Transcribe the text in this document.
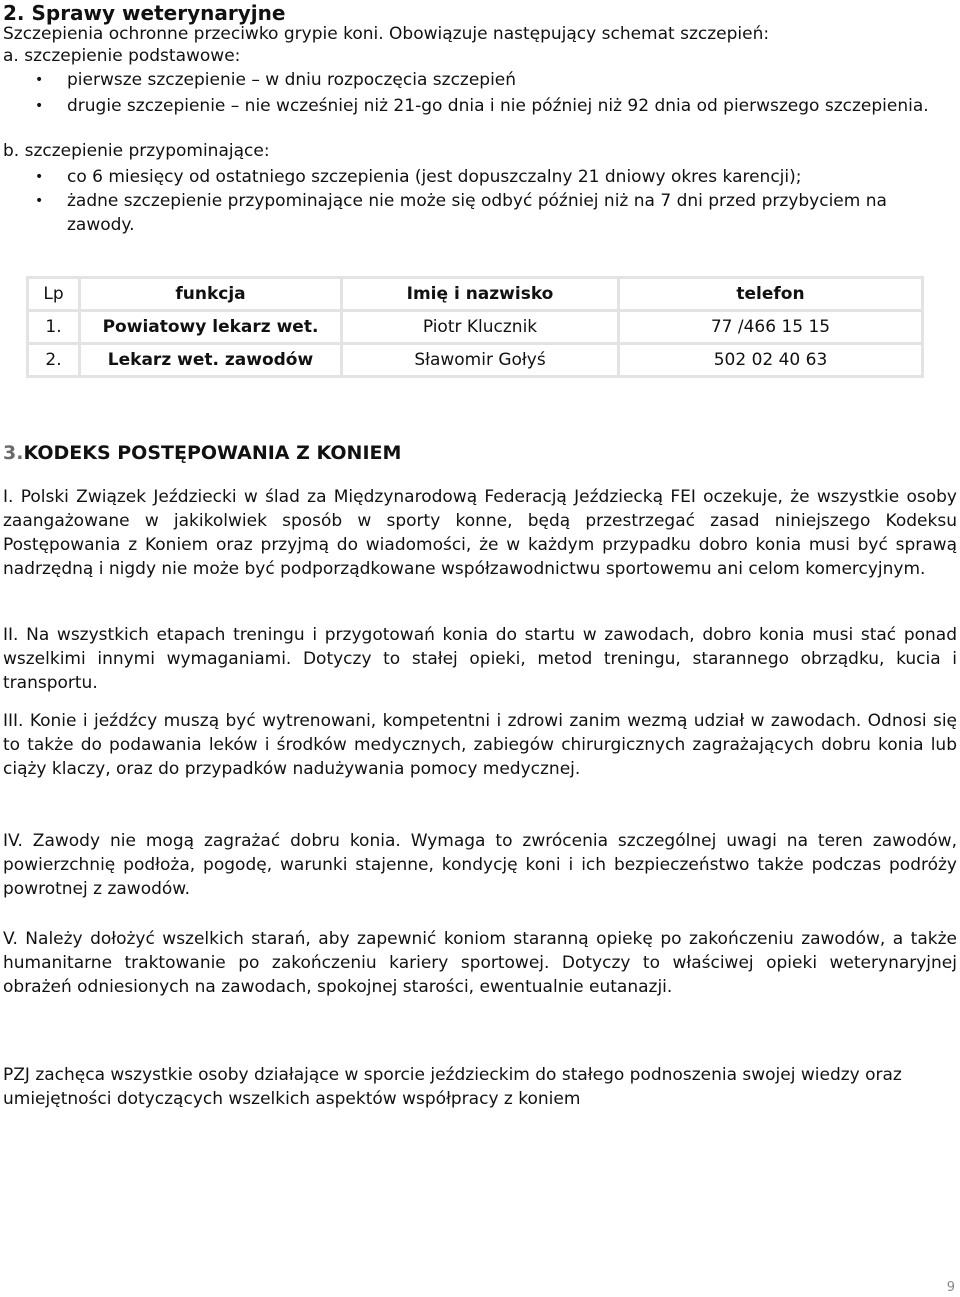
2. Sprawy weterynaryjne
Szczepienia ochronne przeciwko grypie koni. Obowiązuje następujący schemat szczepień:
a. szczepienie podstawowe:
• pierwsze szczepienie – w dniu rozpoczęcia szczepień
• drugie szczepienie – nie wcześniej niż 21-go dnia i nie później niż 92 dnia od pierwszego szczepienia.
b. szczepienie przypominające:
• co 6 miesięcy od ostatniego szczepienia (jest dopuszczalny 21 dniowy okres karencji);
• żadne szczepienie przypominające nie może się odbyć później niż na 7 dni przed przybyciem na zawody.
Lp	funkcja	Imię i nazwisko	telefon
1.	Powiatowy lekarz wet.	Piotr Klucznik	77 /466 15 15
2.	Lekarz wet. zawodów	Sławomir Gołyś	502 02 40 63
3.KODEKS POSTĘPOWANIA Z KONIEM

I. Polski Związek Jeździecki w ślad za Międzynarodową Federacją Jeździecką FEI oczekuje, że wszystkie osoby zaangażowane w jakikolwiek sposób w sporty konne, będą przestrzegać zasad niniejszego Kodeksu Postępowania z Koniem oraz przyjmą do wiadomości, że w każdym przypadku dobro konia musi być sprawą nadrzędną i nigdy nie może być podporządkowane współzawodnictwu sportowemu ani celom komercyjnym.

II. Na wszystkich etapach treningu i przygotowań konia do startu w zawodach, dobro konia musi stać ponad wszelkimi innymi wymaganiami. Dotyczy to stałej opieki, metod treningu, starannego obrządku, kucia i transportu.

III. Konie i jeźdźcy muszą być wytrenowani, kompetentni i zdrowi zanim wezmą udział w zawodach. Odnosi się to także do podawania leków i środków medycznych, zabiegów chirurgicznych zagrażających dobru konia lub ciąży klaczy, oraz do przypadków nadużywania pomocy medycznej.

IV. Zawody nie mogą zagrażać dobru konia. Wymaga to zwrócenia szczególnej uwagi na teren zawodów, powierzchnię podłoża, pogodę, warunki stajenne, kondycję koni i ich bezpieczeństwo także podczas podróży powrotnej z zawodów.

V. Należy dołożyć wszelkich starań, aby zapewnić koniom staranną opiekę po zakończeniu zawodów, a także humanitarne traktowanie po zakończeniu kariery sportowej. Dotyczy to właściwej opieki weterynaryjnej obrażeń odniesionych na zawodach, spokojnej starości, ewentualnie eutanazji.

PZJ zachęca wszystkie osoby działające w sporcie jeździeckim do stałego podnoszenia swojej wiedzy oraz umiejętności dotyczących wszelkich aspektów współpracy z koniem

9
